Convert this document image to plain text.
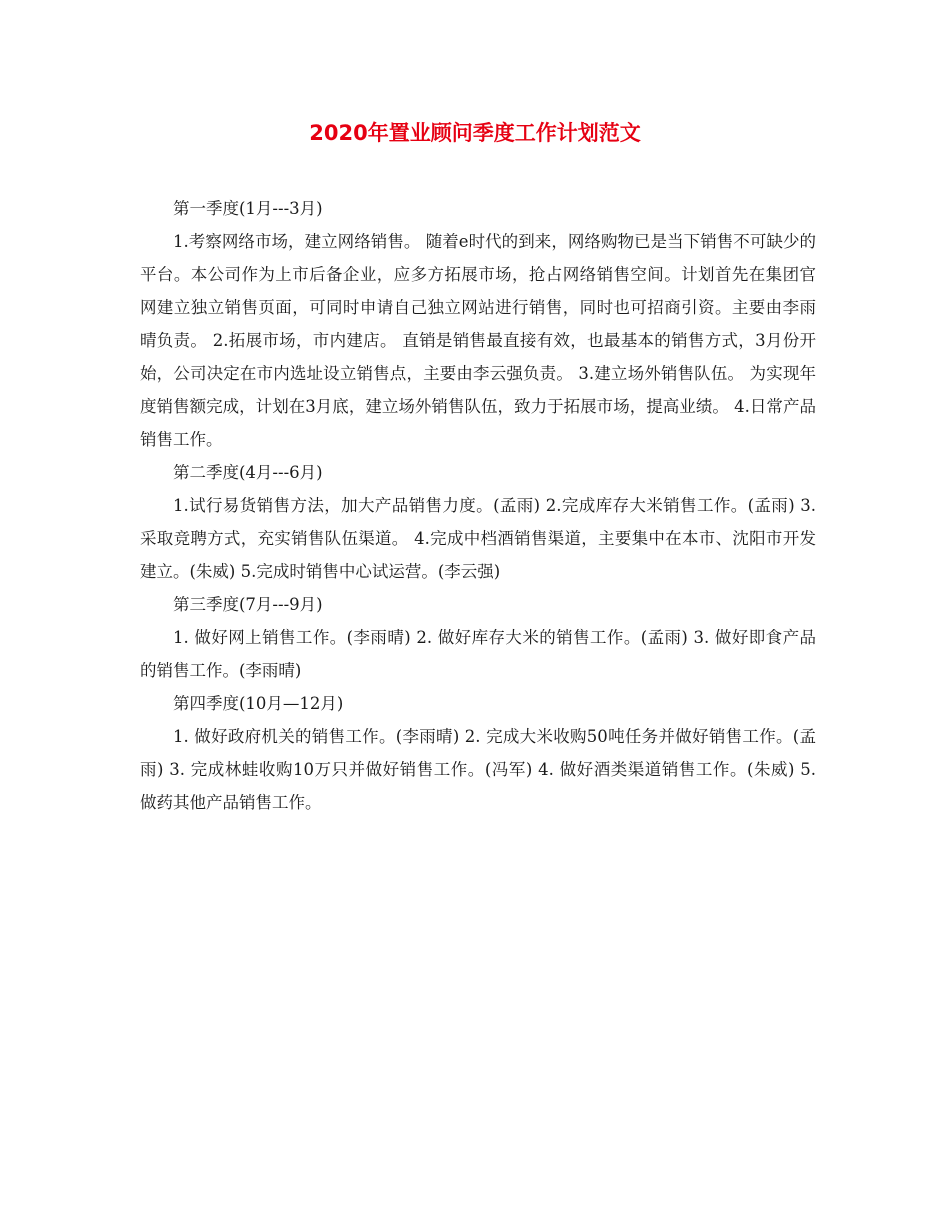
2020年置业顾问季度工作计划范文

第一季度(1月---3月)

1.考察网络市场，建立网络销售。 随着e时代的到来，网络购物已是当下销售不可缺少的平台。本公司作为上市后备企业，应多方拓展市场，抢占网络销售空间。计划首先在集团官网建立独立销售页面，可同时申请自己独立网站进行销售，同时也可招商引资。主要由李雨晴负责。 2.拓展市场，市内建店。 直销是销售最直接有效，也最基本的销售方式，3月份开始，公司决定在市内选址设立销售点，主要由李云强负责。 3.建立场外销售队伍。 为实现年度销售额完成，计划在3月底，建立场外销售队伍，致力于拓展市场，提高业绩。 4.日常产品销售工作。

第二季度(4月---6月)

1.试行易货销售方法，加大产品销售力度。(孟雨) 2.完成库存大米销售工作。(孟雨) 3.采取竞聘方式，充实销售队伍渠道。 4.完成中档酒销售渠道，主要集中在本市、沈阳市开发建立。(朱威) 5.完成时销售中心试运营。(李云强)

第三季度(7月---9月)

1. 做好网上销售工作。(李雨晴) 2. 做好库存大米的销售工作。(孟雨) 3. 做好即食产品的销售工作。(李雨晴)

第四季度(10月—12月)

1. 做好政府机关的销售工作。(李雨晴) 2. 完成大米收购50吨任务并做好销售工作。(孟雨) 3. 完成林蛙收购10万只并做好销售工作。(冯军) 4. 做好酒类渠道销售工作。(朱威) 5. 做药其他产品销售工作。
